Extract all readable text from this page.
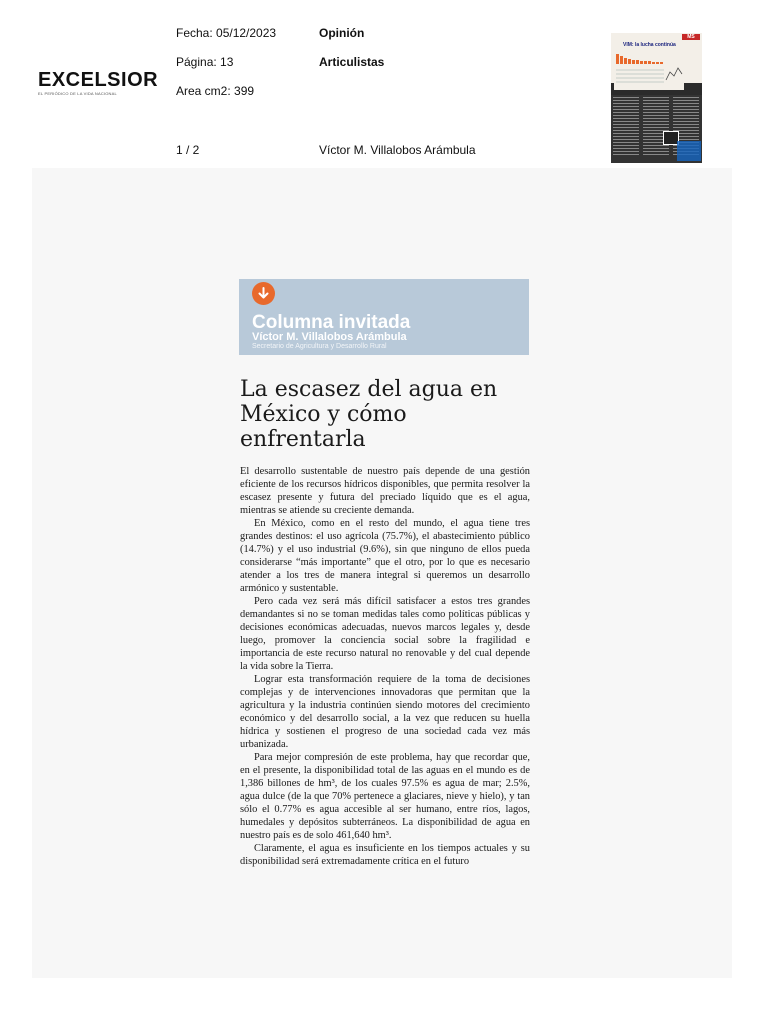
EXCELSIOR
EL PERIÓDICO DE LA VIDA NACIONAL
Fecha: 05/12/2023
Página: 13
Area cm2: 399
1 / 2
Opinión
Articulistas
Víctor M. Villalobos Arámbula
MS
VIM: la lucha continúa
Columna invitada
Víctor M. Villalobos Arámbula
Secretario de Agricultura y Desarrollo Rural
La escasez del agua en México y cómo enfrentarla

El desarrollo sustentable de nuestro país depende de una gestión eficiente de los recursos hídricos disponibles, que permita resolver la escasez presente y futura del preciado líquido que es el agua, mientras se atiende su creciente demanda.

En México, como en el resto del mundo, el agua tiene tres grandes destinos: el uso agrícola (75.7%), el abastecimiento público (14.7%) y el uso industrial (9.6%), sin que ninguno de ellos pueda considerarse “más importante” que el otro, por lo que es necesario atender a los tres de manera integral si queremos un desarrollo armónico y sustentable.

Pero cada vez será más difícil satisfacer a estos tres grandes demandantes si no se toman medidas tales como políticas públicas y decisiones económicas adecuadas, nuevos marcos legales y, desde luego, promover la conciencia social sobre la fragilidad e importancia de este recurso natural no renovable y del cual depende la vida sobre la Tierra.

Lograr esta transformación requiere de la toma de decisiones complejas y de intervenciones innovadoras que permitan que la agricultura y la industria continúen siendo motores del crecimiento económico y del desarrollo social, a la vez que reducen su huella hídrica y sostienen el progreso de una sociedad cada vez más urbanizada.

Para mejor compresión de este problema, hay que recordar que, en el presente, la disponibilidad total de las aguas en el mundo es de 1,386 billones de hm³, de los cuales 97.5% es agua de mar; 2.5%, agua dulce (de la que 70% pertenece a glaciares, nieve y hielo), y tan sólo el 0.77% es agua accesible al ser humano, entre ríos, lagos, humedales y depósitos subterráneos. La disponibilidad de agua en nuestro país es de solo 461,640 hm³.

Claramente, el agua es insuficiente en los tiempos actuales y su disponibilidad será extremadamente crítica en el futuro
